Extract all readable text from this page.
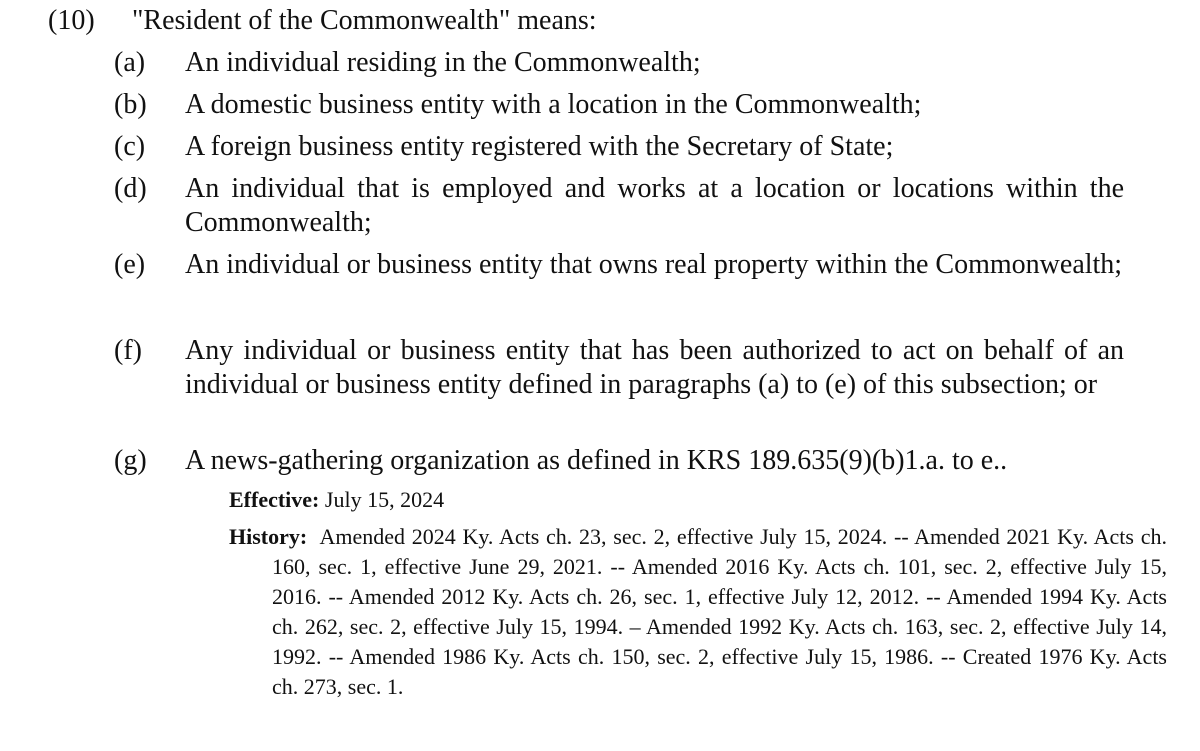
(10) "Resident of the Commonwealth" means:
(a)	An individual residing in the Commonwealth;
(b)	A domestic business entity with a location in the Commonwealth;
(c)	A foreign business entity registered with the Secretary of State;
(d)	An individual that is employed and works at a location or locations within the Commonwealth;
(e)	An individual or business entity that owns real property within the Commonwealth;
(f)	Any individual or business entity that has been authorized to act on behalf of an individual or business entity defined in paragraphs (a) to (e) of this subsection; or
(g)	A news-gathering organization as defined in KRS 189.635(9)(b)1.a. to e..
Effective: July 15, 2024
History: Amended 2024 Ky. Acts ch. 23, sec. 2, effective July 15, 2024. -- Amended 2021 Ky. Acts ch. 160, sec. 1, effective June 29, 2021. -- Amended 2016 Ky. Acts ch. 101, sec. 2, effective July 15, 2016. -- Amended 2012 Ky. Acts ch. 26, sec. 1, effective July 12, 2012. -- Amended 1994 Ky. Acts ch. 262, sec. 2, effective July 15, 1994. – Amended 1992 Ky. Acts ch. 163, sec. 2, effective July 14, 1992. -- Amended 1986 Ky. Acts ch. 150, sec. 2, effective July 15, 1986. -- Created 1976 Ky. Acts ch. 273, sec. 1.
